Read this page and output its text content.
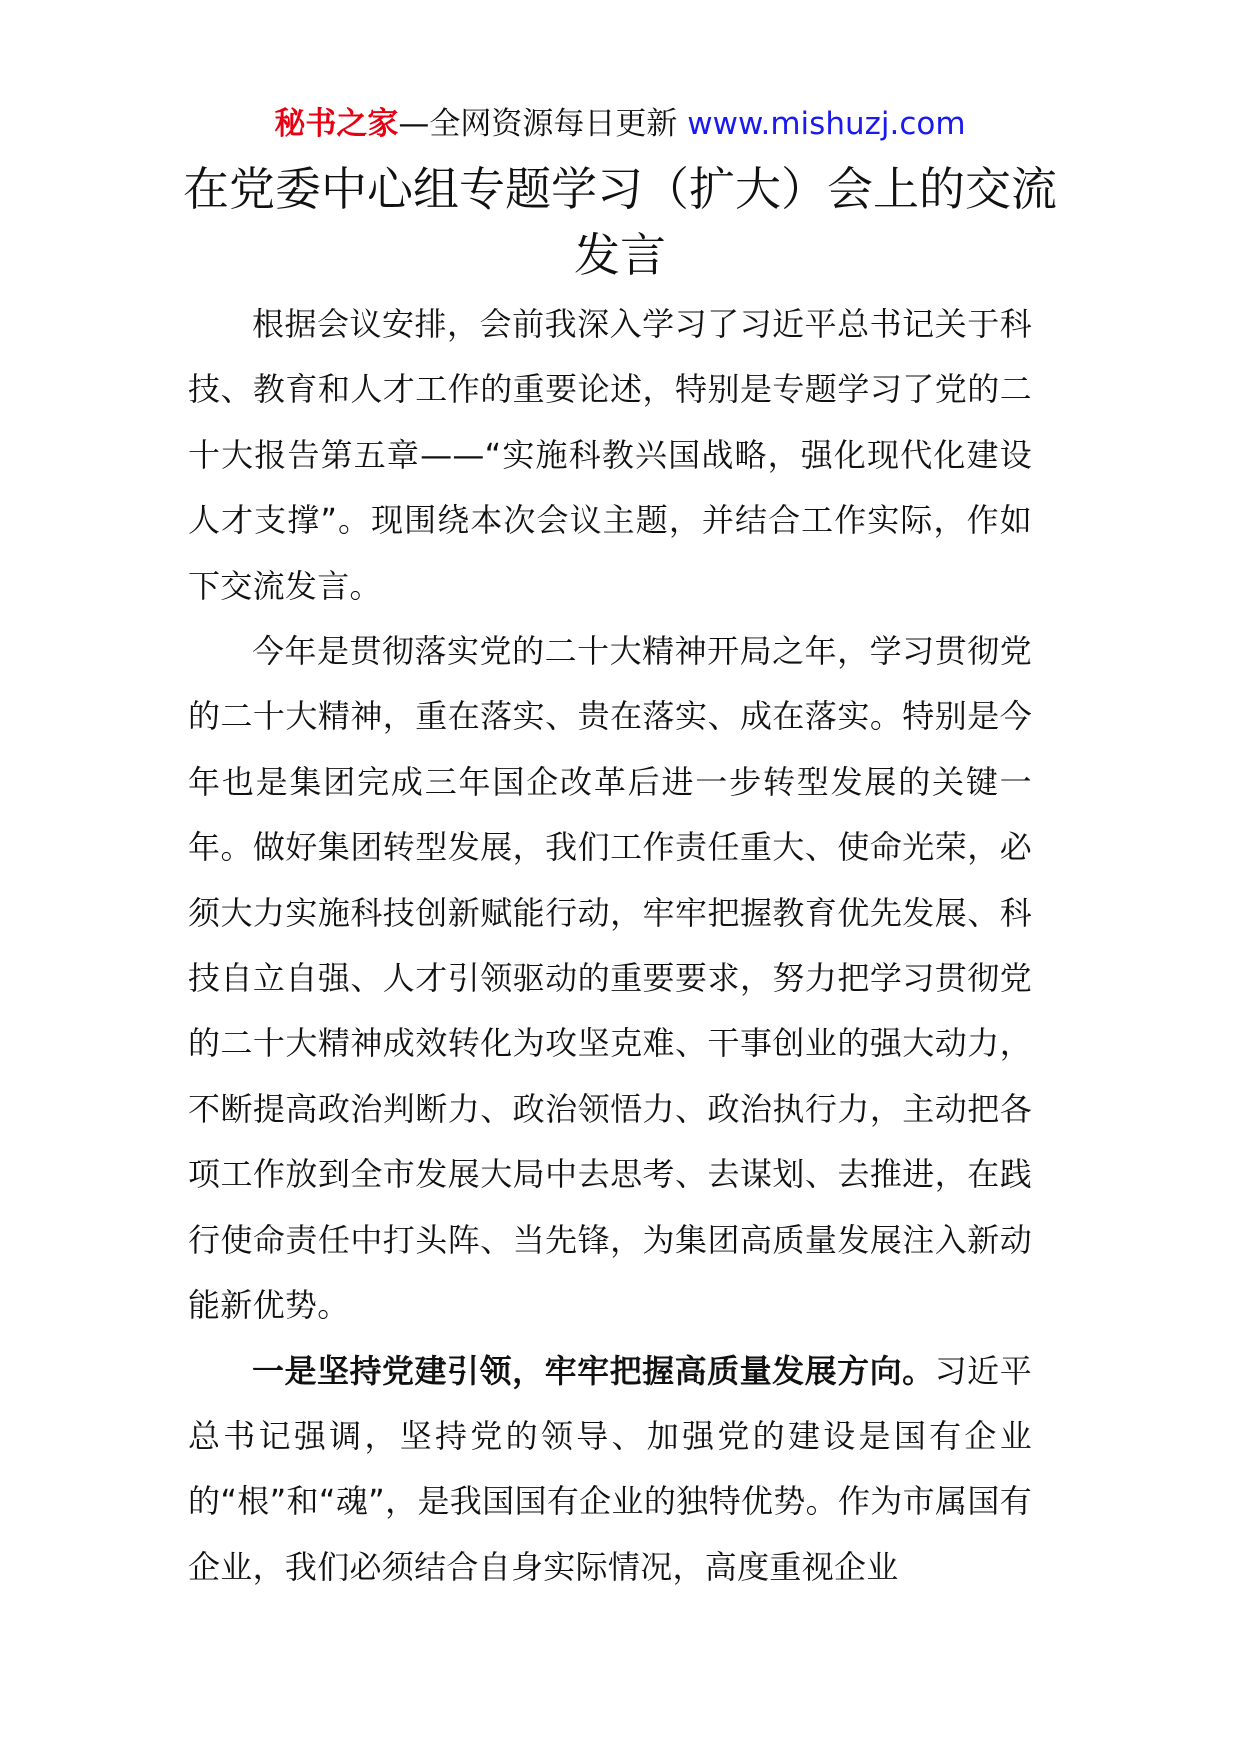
秘书之家—全网资源每日更新 www.mishuzj.com
在党委中心组专题学习（扩大）会上的交流发言

根据会议安排，会前我深入学习了习近平总书记关于科技、教育和人才工作的重要论述，特别是专题学习了党的二十大报告第五章——“实施科教兴国战略，强化现代化建设人才支撑”。现围绕本次会议主题，并结合工作实际，作如下交流发言。

今年是贯彻落实党的二十大精神开局之年，学习贯彻党的二十大精神，重在落实、贵在落实、成在落实。特别是今年也是集团完成三年国企改革后进一步转型发展的关键一年。做好集团转型发展，我们工作责任重大、使命光荣，必须大力实施科技创新赋能行动，牢牢把握教育优先发展、科技自立自强、人才引领驱动的重要要求，努力把学习贯彻党的二十大精神成效转化为攻坚克难、干事创业的强大动力，不断提高政治判断力、政治领悟力、政治执行力，主动把各项工作放到全市发展大局中去思考、去谋划、去推进，在践行使命责任中打头阵、当先锋，为集团高质量发展注入新动能新优势。

一是坚持党建引领，牢牢把握高质量发展方向。习近平总书记强调，坚持党的领导、加强党的建设是国有企业的“根”和“魂”，是我国国有企业的独特优势。作为市属国有企业，我们必须结合自身实际情况，高度重视企业
